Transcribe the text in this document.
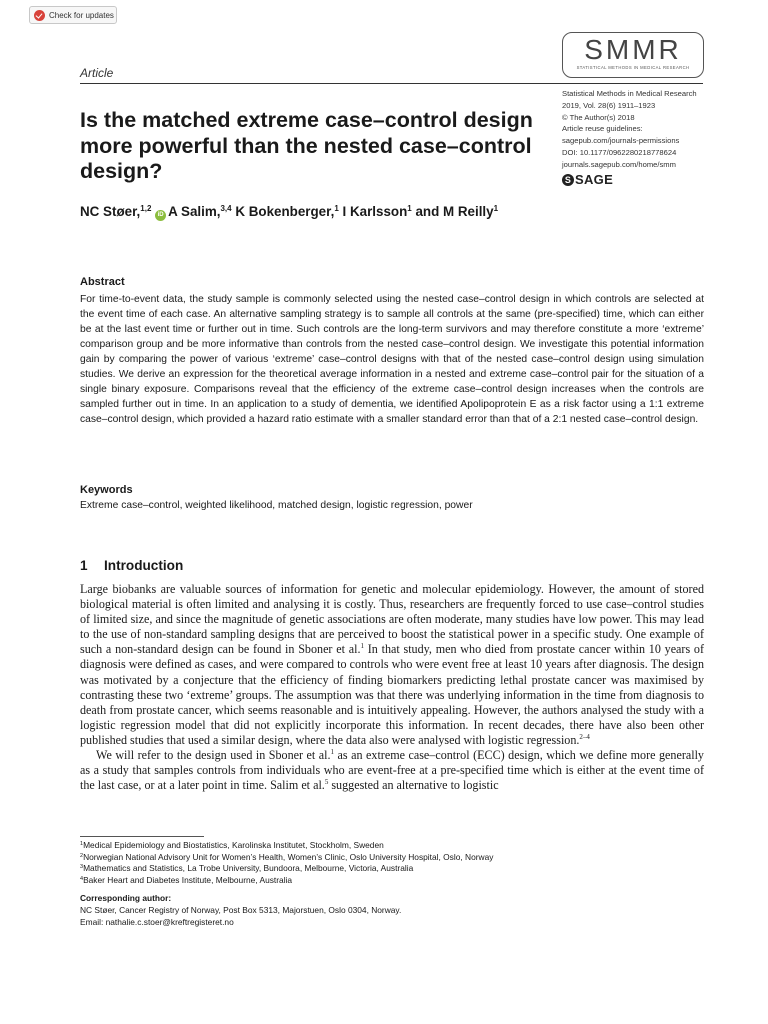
Check for updates
Article
SMMR
STATISTICAL METHODS IN MEDICAL RESEARCH
Statistical Methods in Medical Research
2019, Vol. 28(6) 1911–1923
© The Author(s) 2018
Article reuse guidelines:
sagepub.com/journals-permissions
DOI: 10.1177/0962280218778624
journals.sagepub.com/home/smm
S SAGE
Is the matched extreme case–control design more powerful than the nested case–control design?
NC Støer,$^{1,2}$ iD A Salim,$^{3,4}$ K Bokenberger,$^1$ I Karlsson$^1$ and M Reilly$^1$
Abstract

For time-to-event data, the study sample is commonly selected using the nested case–control design in which controls are selected at the event time of each case. An alternative sampling strategy is to sample all controls at the same (pre-specified) time, which can either be at the last event time or further out in time. Such controls are the long-term survivors and may therefore constitute a more ‘extreme’ comparison group and be more informative than controls from the nested case–control design. We investigate this potential information gain by comparing the power of various ‘extreme’ case–control designs with that of the nested case–control design using simulation studies. We derive an expression for the theoretical average information in a nested and extreme case–control pair for the situation of a single binary exposure. Comparisons reveal that the efficiency of the extreme case–control design increases when the controls are sampled further out in time. In an application to a study of dementia, we identified Apolipoprotein E as a risk factor using a 1:1 extreme case–control design, which provided a hazard ratio estimate with a smaller standard error than that of a 2:1 nested case–control design.

Keywords
Extreme case–control, weighted likelihood, matched design, logistic regression, power
1 Introduction

Large biobanks are valuable sources of information for genetic and molecular epidemiology. However, the amount of stored biological material is often limited and analysing it is costly. Thus, researchers are frequently forced to use case–control studies of limited size, and since the magnitude of genetic associations are often moderate, many studies have low power. This may lead to the use of non-standard sampling designs that are perceived to boost the statistical power in a specific study. One example of such a non-standard design can be found in Sboner et al.$^1$ In that study, men who died from prostate cancer within 10 years of diagnosis were defined as cases, and were compared to controls who were event free at least 10 years after diagnosis. The design was motivated by a conjecture that the efficiency of finding biomarkers predicting lethal prostate cancer was maximised by contrasting these two ‘extreme’ groups. The assumption was that there was underlying information in the time from diagnosis to death from prostate cancer, which seems reasonable and is intuitively appealing. However, the authors analysed the study with a logistic regression model that did not explicitly incorporate this information. In recent decades, there have also been other published studies that used a similar design, where the data also were analysed with logistic regression.$^{2-4}$

We will refer to the design used in Sboner et al.$^1$ as an extreme case–control (ECC) design, which we define more generally as a study that samples controls from individuals who are event-free at a pre-specified time which is either at the event time of the last case, or at a later point in time. Salim et al.$^5$ suggested an alternative to logistic

$^1$Medical Epidemiology and Biostatistics, Karolinska Institutet, Stockholm, Sweden
$^2$Norwegian National Advisory Unit for Women’s Health, Women’s Clinic, Oslo University Hospital, Oslo, Norway
$^3$Mathematics and Statistics, La Trobe University, Bundoora, Melbourne, Victoria, Australia
$^4$Baker Heart and Diabetes Institute, Melbourne, Australia
Corresponding author:
NC Støer, Cancer Registry of Norway, Post Box 5313, Majorstuen, Oslo 0304, Norway.
Email: nathalie.c.stoer@kreftregisteret.no
